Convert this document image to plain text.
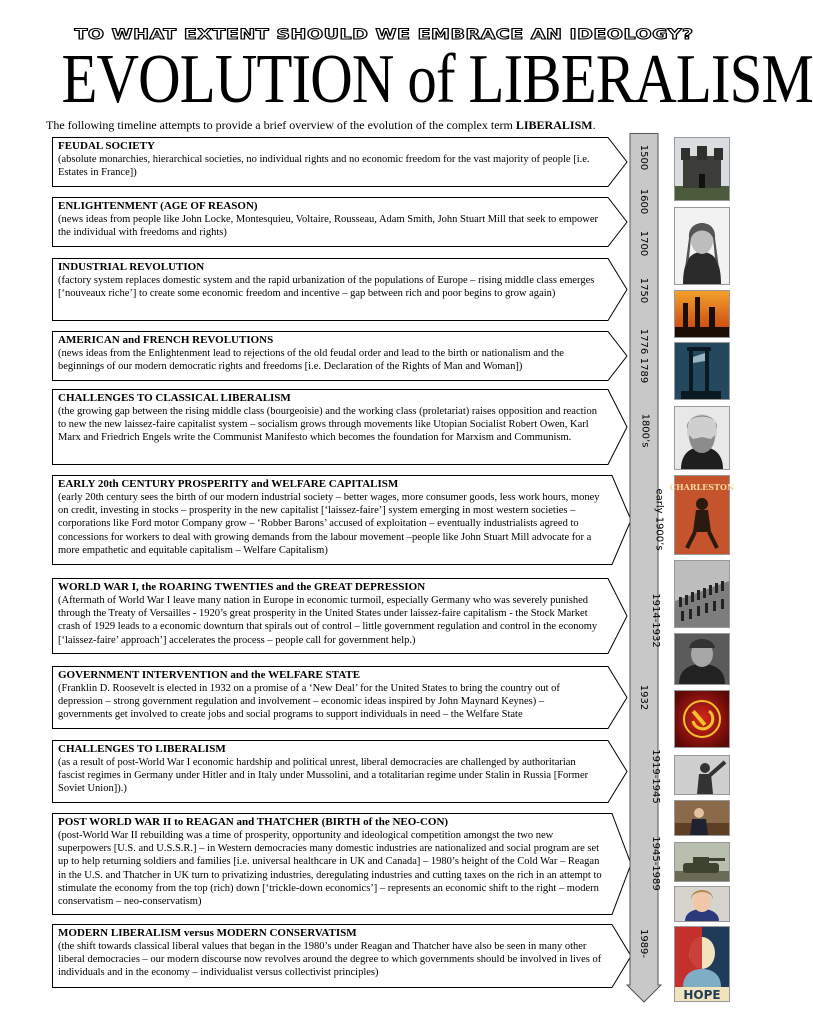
TO WHAT EXTENT SHOULD WE EMBRACE AN IDEOLOGY?
EVOLUTION of LIBERALISM
The following timeline attempts to provide a brief overview of the evolution of the complex term LIBERALISM.
FEUDAL SOCIETY

(absolute monarchies, hierarchical societies, no individual rights and no economic freedom for the vast majority of people [i.e. Estates in France])

ENLIGHTENMENT (AGE OF REASON)

(news ideas from people like John Locke, Montesquieu, Voltaire, Rousseau, Adam Smith, John Stuart Mill that seek to empower the individual with freedoms and rights)

INDUSTRIAL REVOLUTION

(factory system replaces domestic system and the rapid urbanization of the populations of Europe – rising middle class emerges [‘nouveaux riche’] to create some economic freedom and incentive – gap between rich and poor begins to grow again)

AMERICAN and FRENCH REVOLUTIONS

(news ideas from the Enlightenment lead to rejections of the old feudal order and lead to the birth or nationalism and the beginnings of our modern democratic rights and freedoms [i.e. Declaration of the Rights of Man and Woman])

CHALLENGES TO CLASSICAL LIBERALISM

(the growing gap between the rising middle class (bourgeoisie) and the working class (proletariat) raises opposition and reaction to new the new laissez-faire capitalist system – socialism grows through movements like Utopian Socialist Robert Owen, Karl Marx and Friedrich Engels write the Communist Manifesto which becomes the foundation for Marxism and Communism.

EARLY 20th CENTURY PROSPERITY and WELFARE CAPITALISM

(early 20th century sees the birth of our modern industrial society – better wages, more consumer goods, less work hours, money on credit, investing in stocks – prosperity in the new capitalist [‘laissez-faire’] system emerging in most western societies – corporations like Ford motor Company grow – ‘Robber Barons’ accused of exploitation – eventually industrialists agreed to concessions for workers to deal with growing demands from the labour movement –people like John Stuart Mill advocate for a more empathetic and equitable capitalism – Welfare Capitalism)

WORLD WAR I, the ROARING TWENTIES and the GREAT DEPRESSION

(Aftermath of World War I leave many nation in Europe in economic turmoil, especially Germany who was severely punished through the Treaty of Versailles - 1920’s great prosperity in the United States under laissez-faire capitalism - the Stock Market crash of 1929 leads to a economic downturn that spirals out of control – little government regulation and control in the economy [‘laissez-faire’ approach’] accelerates the process – people call for government help.)

GOVERNMENT INTERVENTION and the WELFARE STATE

(Franklin D. Roosevelt is elected in 1932 on a promise of a ‘New Deal’ for the United States to bring the country out of depression – strong government regulation and involvement – economic ideas inspired by John Maynard Keynes) – governments get involved to create jobs and social programs to support individuals in need – the Welfare State

CHALLENGES TO LIBERALISM

(as a result of post-World War I economic hardship and political unrest, liberal democracies are challenged by authoritarian fascist regimes in Germany under Hitler and in Italy under Mussolini, and a totalitarian regime under Stalin in Russia [Former Soviet Union]).)

POST WORLD WAR II to REAGAN and THATCHER (BIRTH of the NEO-CON)

(post-World War II rebuilding was a time of prosperity, opportunity and ideological competition amongst the two new superpowers [U.S. and U.S.S.R.] – in Western democracies many domestic industries are nationalized and social program are set up to help returning soldiers and families [i.e. universal healthcare in UK and Canada] – 1980’s height of the Cold War – Reagan in the U.S. and Thatcher in UK turn to privatizing industries, deregulating industries and cutting taxes on the rich in an attempt to stimulate the economy from the top (rich) down [‘trickle-down economics’] – represents an economic shift to the right – modern conservatism – neo-conservatism)

MODERN LIBERALISM versus MODERN CONSERVATISM

(the shift towards classical liberal values that began in the 1980’s under Reagan and Thatcher have also be seen in many other liberal democracies – our modern discourse now revolves around the degree to which governments should be involved in lives of individuals and in the economy – individualist versus collectivist principles)

1500
1600
1700
1750
1776
1789
1800’s
early 1900’s
1914-1932
1932
1919-1945
1945-1989
1989-
CHARLESTON
HOPE
